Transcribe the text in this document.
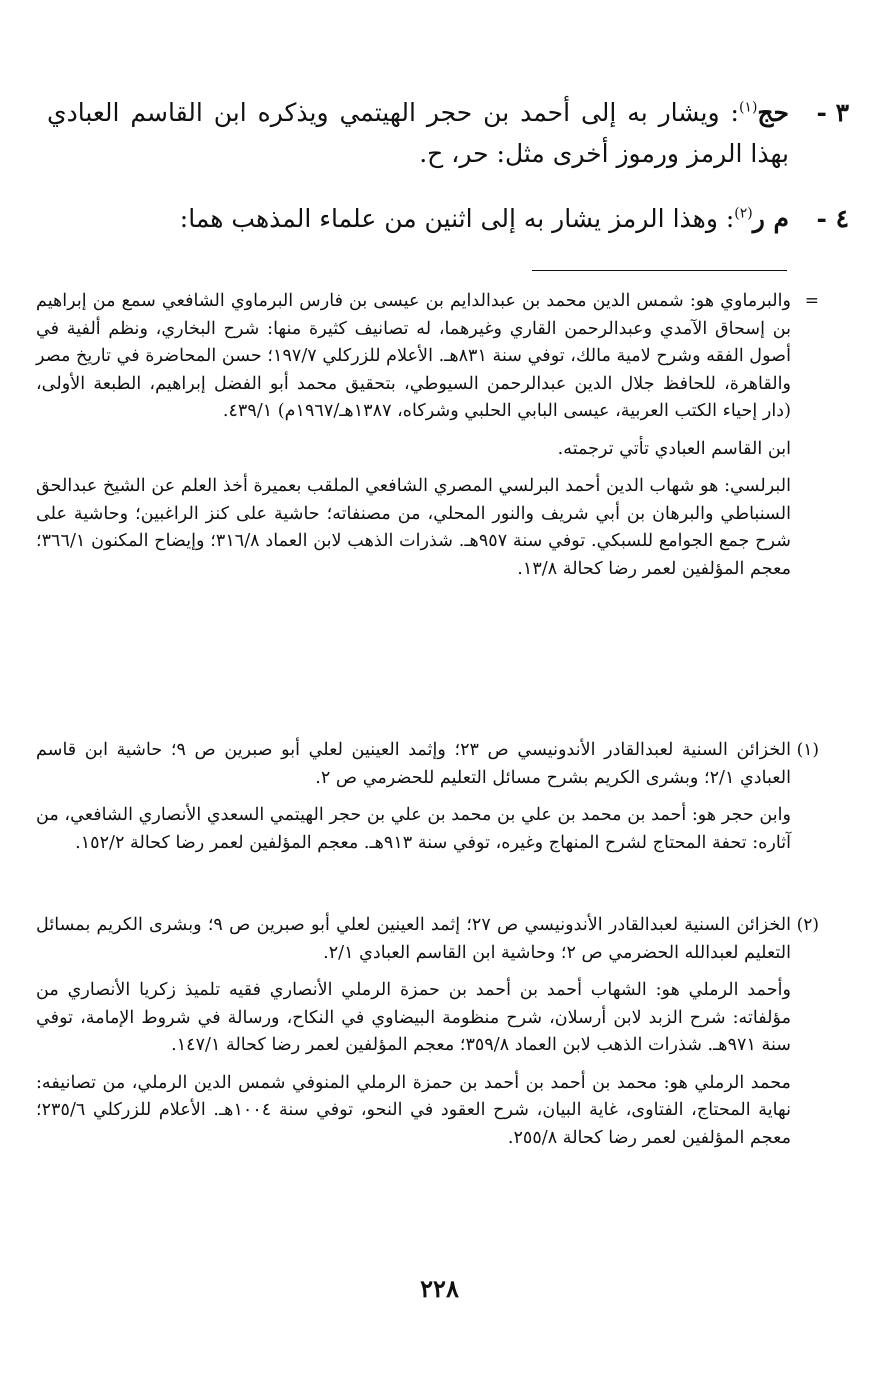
٣ -
حج$^{(١)}$: ويشار به إلى أحمد بن حجر الهيتمي ويذكره ابن القاسم العبادي بهذا الرمز ورموز أخرى مثل: حر، ح.
٤ -
م ر$^{(٢)}$: وهذا الرمز يشار به إلى اثنين من علماء المذهب هما:
=

والبرماوي هو: شمس الدين محمد بن عبدالدايم بن عيسى بن فارس البرماوي الشافعي سمع من إبراهيم بن إسحاق الآمدي وعبدالرحمن القاري وغيرهما، له تصانيف كثيرة منها: شرح البخاري، ونظم ألفية في أصول الفقه وشرح لامية مالك، توفي سنة ٨٣١هـ. الأعلام للزركلي ١٩٧/٧؛ حسن المحاضرة في تاريخ مصر والقاهرة، للحافظ جلال الدين عبدالرحمن السيوطي، بتحقيق محمد أبو الفضل إبراهيم، الطبعة الأولى، (دار إحياء الكتب العربية، عيسى البابي الحلبي وشركاه، ١٣٨٧هـ/١٩٦٧م) ٤٣٩/١.

ابن القاسم العبادي تأتي ترجمته.

البرلسي: هو شهاب الدين أحمد البرلسي المصري الشافعي الملقب بعميرة أخذ العلم عن الشيخ عبدالحق السنباطي والبرهان بن أبي شريف والنور المحلي، من مصنفاته؛ حاشية على كنز الراغبين؛ وحاشية على شرح جمع الجوامع للسبكي. توفي سنة ٩٥٧هـ. شذرات الذهب لابن العماد ٣١٦/٨؛ وإيضاح المكنون ٣٦٦/١؛ معجم المؤلفين لعمر رضا كحالة ١٣/٨.

(١)

الخزائن السنية لعبدالقادر الأندونيسي ص ٢٣؛ وإثمد العينين لعلي أبو صبرين ص ٩؛ حاشية ابن قاسم العبادي ٢/١؛ وبشرى الكريم بشرح مسائل التعليم للحضرمي ص ٢.

وابن حجر هو: أحمد بن محمد بن علي بن محمد بن علي بن حجر الهيتمي السعدي الأنصاري الشافعي، من آثاره: تحفة المحتاج لشرح المنهاج وغيره، توفي سنة ٩١٣هـ. معجم المؤلفين لعمر رضا كحالة ١٥٢/٢.

(٢)

الخزائن السنية لعبدالقادر الأندونيسي ص ٢٧؛ إثمد العينين لعلي أبو صبرين ص ٩؛ وبشرى الكريم بمسائل التعليم لعبدالله الحضرمي ص ٢؛ وحاشية ابن القاسم العبادي ٢/١.

وأحمد الرملي هو: الشهاب أحمد بن أحمد بن حمزة الرملي الأنصاري فقيه تلميذ زكريا الأنصاري من مؤلفاته: شرح الزبد لابن أرسلان، شرح منظومة البيضاوي في النكاح، ورسالة في شروط الإمامة، توفي سنة ٩٧١هـ. شذرات الذهب لابن العماد ٣٥٩/٨؛ معجم المؤلفين لعمر رضا كحالة ١٤٧/١.

محمد الرملي هو: محمد بن أحمد بن أحمد بن حمزة الرملي المنوفي شمس الدين الرملي، من تصانيفه: نهاية المحتاج، الفتاوى، غاية البيان، شرح العقود في النحو، توفي سنة ١٠٠٤هـ. الأعلام للزركلي ٢٣٥/٦؛ معجم المؤلفين لعمر رضا كحالة ٢٥٥/٨.

٢٢٨
